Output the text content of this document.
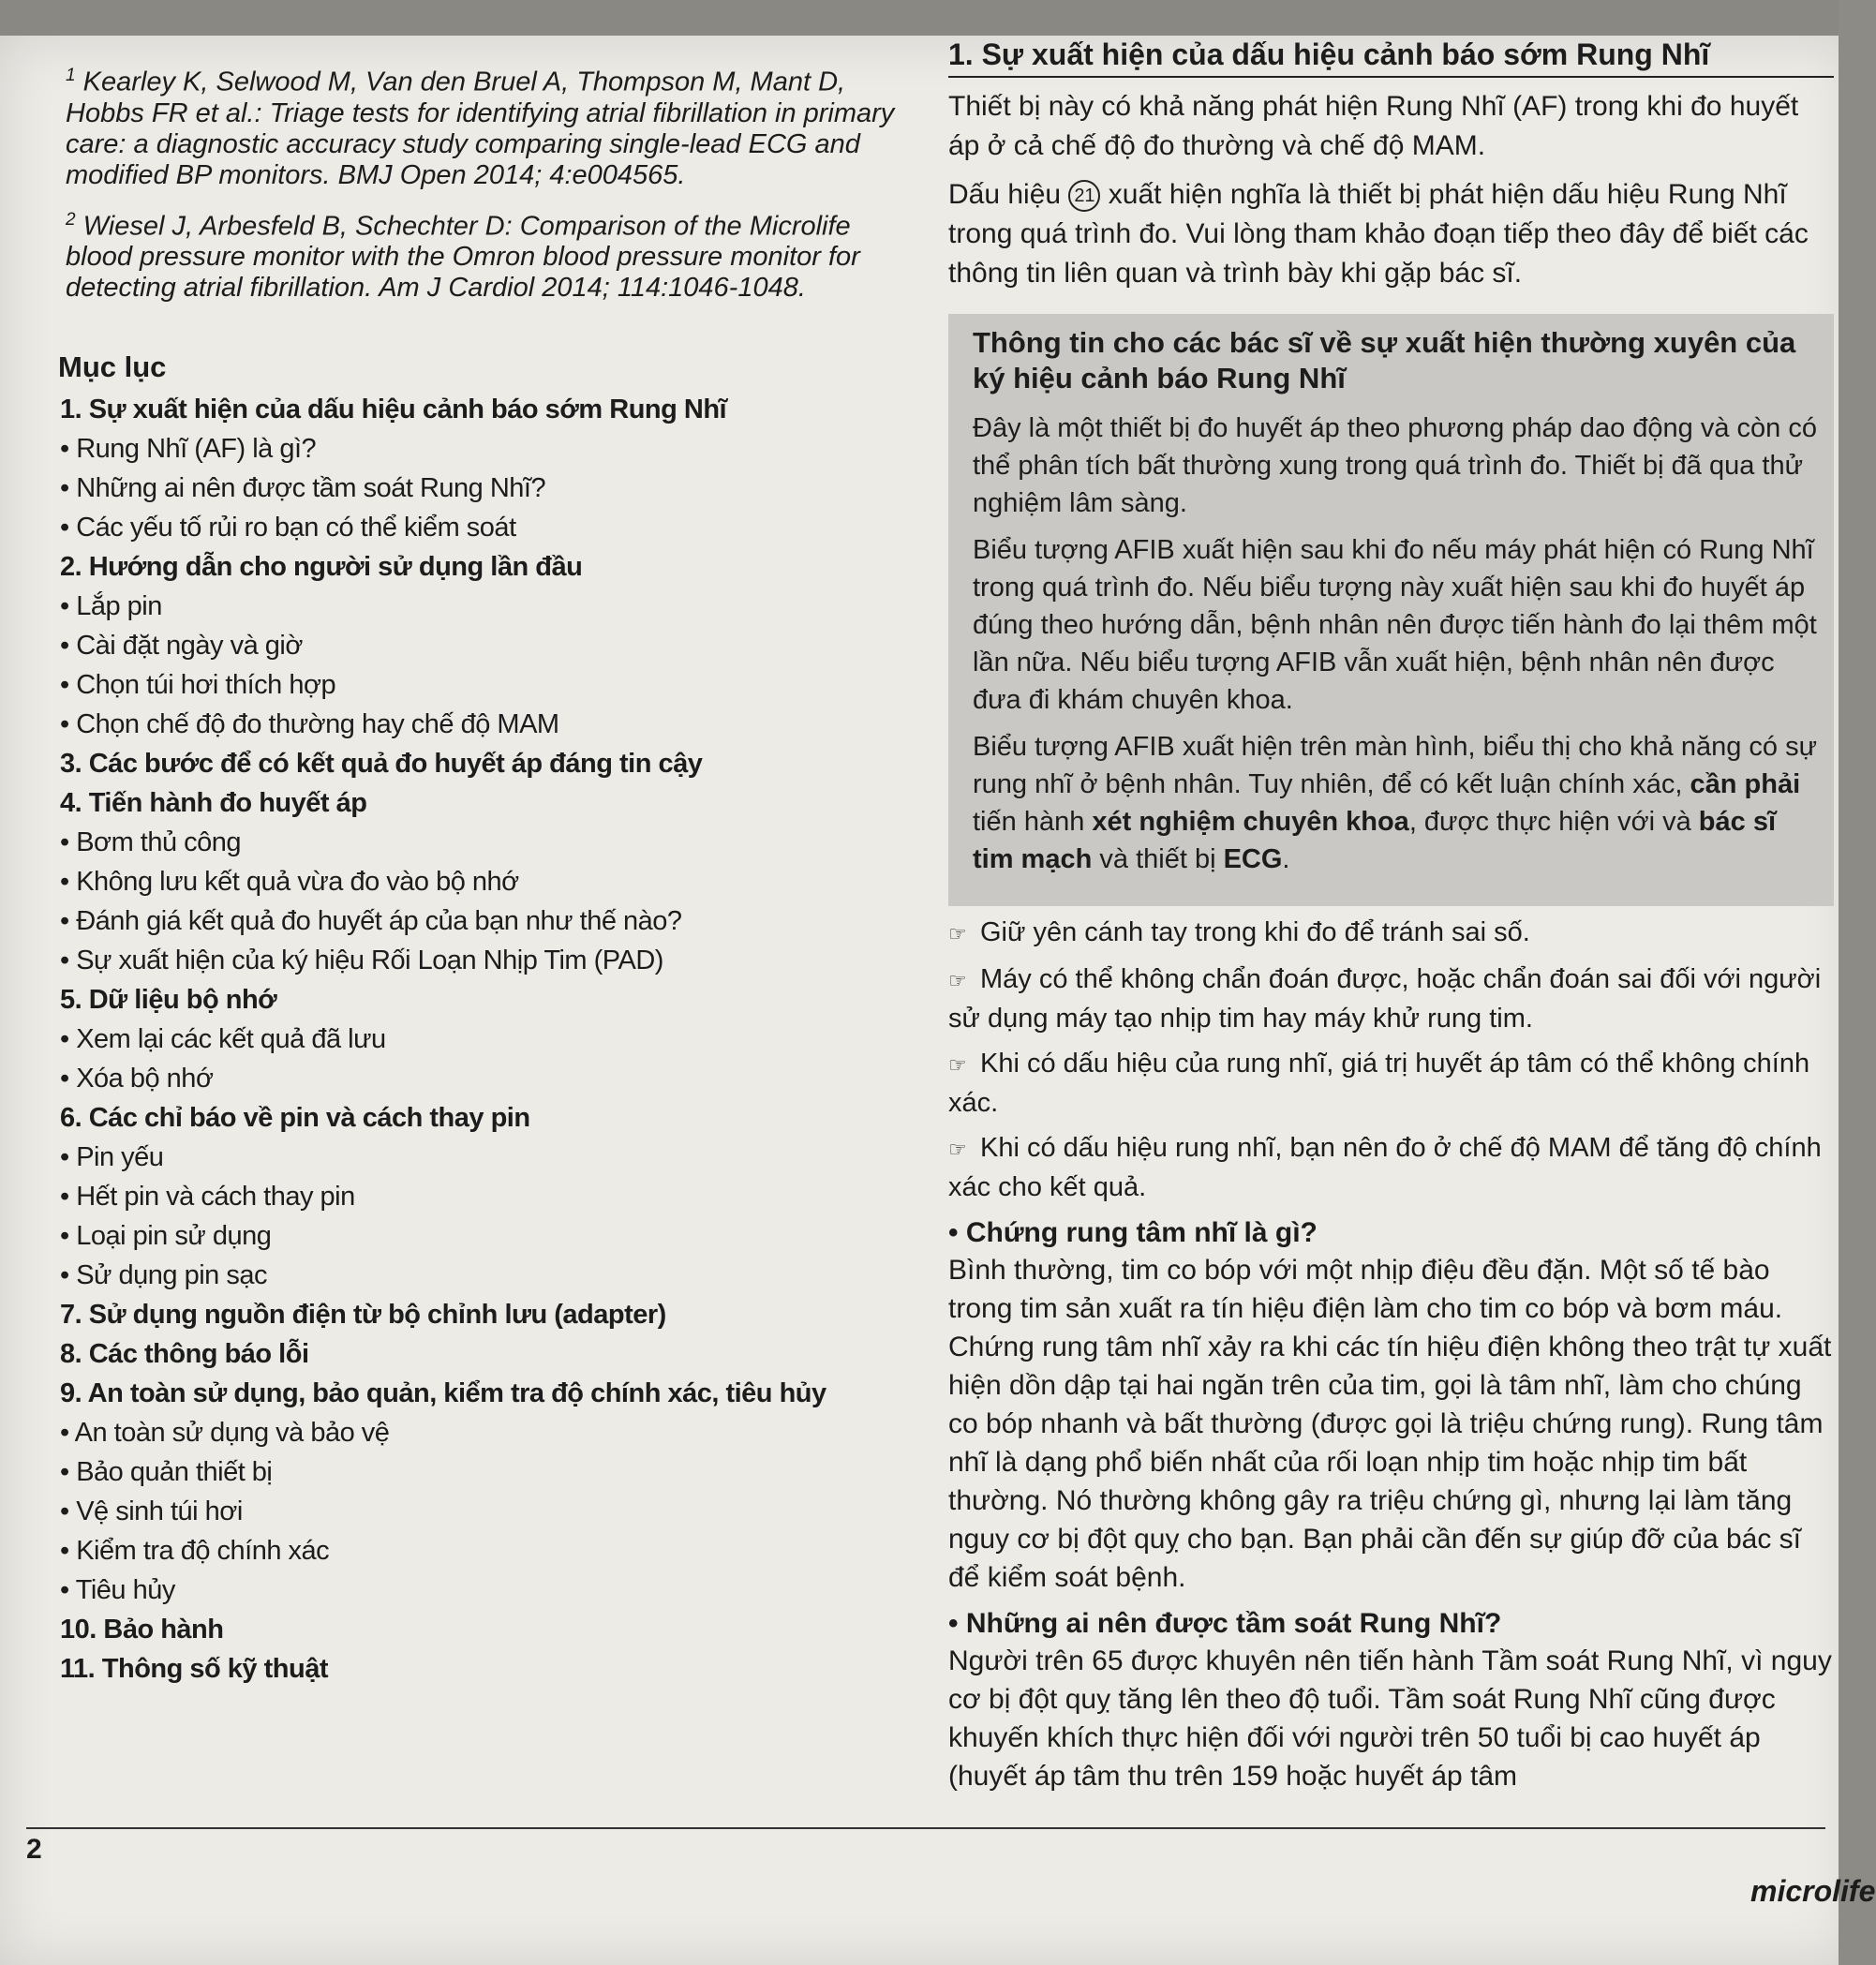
$^1$ Kearley K, Selwood M, Van den Bruel A, Thompson M, Mant D, Hobbs FR et al.: Triage tests for identifying atrial fibrillation in primary care: a diagnostic accuracy study comparing single-lead ECG and modified BP monitors. BMJ Open 2014; 4:e004565.

$^2$ Wiesel J, Arbesfeld B, Schechter D: Comparison of the Microlife blood pressure monitor with the Omron blood pressure monitor for detecting atrial fibrillation. Am J Cardiol 2014; 114:1046-1048.

Mục lục
1. Sự xuất hiện của dấu hiệu cảnh báo sớm Rung Nhĩ
• Rung Nhĩ (AF) là gì?
• Những ai nên được tầm soát Rung Nhĩ?
• Các yếu tố rủi ro bạn có thể kiểm soát
2. Hướng dẫn cho người sử dụng lần đầu
• Lắp pin
• Cài đặt ngày và giờ
• Chọn túi hơi thích hợp
• Chọn chế độ đo thường hay chế độ MAM
3. Các bước để có kết quả đo huyết áp đáng tin cậy
4. Tiến hành đo huyết áp
• Bơm thủ công
• Không lưu kết quả vừa đo vào bộ nhớ
• Đánh giá kết quả đo huyết áp của bạn như thế nào?
• Sự xuất hiện của ký hiệu Rối Loạn Nhịp Tim (PAD)
5. Dữ liệu bộ nhớ
• Xem lại các kết quả đã lưu
• Xóa bộ nhớ
6. Các chỉ báo về pin và cách thay pin
• Pin yếu
• Hết pin và cách thay pin
• Loại pin sử dụng
• Sử dụng pin sạc
7. Sử dụng nguồn điện từ bộ chỉnh lưu (adapter)
8. Các thông báo lỗi
9. An toàn sử dụng, bảo quản, kiểm tra độ chính xác, tiêu hủy
• An toàn sử dụng và bảo vệ
• Bảo quản thiết bị
• Vệ sinh túi hơi
• Kiểm tra độ chính xác
• Tiêu hủy
10. Bảo hành
11. Thông số kỹ thuật
1. Sự xuất hiện của dấu hiệu cảnh báo sớm Rung Nhĩ

Thiết bị này có khả năng phát hiện Rung Nhĩ (AF) trong khi đo huyết áp ở cả chế độ đo thường và chế độ MAM.

Dấu hiệu 21 xuất hiện nghĩa là thiết bị phát hiện dấu hiệu Rung Nhĩ trong quá trình đo. Vui lòng tham khảo đoạn tiếp theo đây để biết các thông tin liên quan và trình bày khi gặp bác sĩ.

Thông tin cho các bác sĩ về sự xuất hiện thường xuyên của ký hiệu cảnh báo Rung Nhĩ

Đây là một thiết bị đo huyết áp theo phương pháp dao động và còn có thể phân tích bất thường xung trong quá trình đo. Thiết bị đã qua thử nghiệm lâm sàng.

Biểu tượng AFIB xuất hiện sau khi đo nếu máy phát hiện có Rung Nhĩ trong quá trình đo. Nếu biểu tượng này xuất hiện sau khi đo huyết áp đúng theo hướng dẫn, bệnh nhân nên được tiến hành đo lại thêm một lần nữa. Nếu biểu tượng AFIB vẫn xuất hiện, bệnh nhân nên được đưa đi khám chuyên khoa.

Biểu tượng AFIB xuất hiện trên màn hình, biểu thị cho khả năng có sự rung nhĩ ở bệnh nhân. Tuy nhiên, để có kết luận chính xác, cần phải tiến hành xét nghiệm chuyên khoa, được thực hiện với và bác sĩ tim mạch và thiết bị ECG.

☞ Giữ yên cánh tay trong khi đo để tránh sai số.

☞ Máy có thể không chẩn đoán được, hoặc chẩn đoán sai đối với người sử dụng máy tạo nhịp tim hay máy khử rung tim.

☞ Khi có dấu hiệu của rung nhĩ, giá trị huyết áp tâm có thể không chính xác.

☞ Khi có dấu hiệu rung nhĩ, bạn nên đo ở chế độ MAM để tăng độ chính xác cho kết quả.

• Chứng rung tâm nhĩ là gì?

Bình thường, tim co bóp với một nhịp điệu đều đặn. Một số tế bào trong tim sản xuất ra tín hiệu điện làm cho tim co bóp và bơm máu. Chứng rung tâm nhĩ xảy ra khi các tín hiệu điện không theo trật tự xuất hiện dồn dập tại hai ngăn trên của tim, gọi là tâm nhĩ, làm cho chúng co bóp nhanh và bất thường (được gọi là triệu chứng rung). Rung tâm nhĩ là dạng phổ biến nhất của rối loạn nhịp tim hoặc nhịp tim bất thường. Nó thường không gây ra triệu chứng gì, nhưng lại làm tăng nguy cơ bị đột quỵ cho bạn. Bạn phải cần đến sự giúp đỡ của bác sĩ để kiểm soát bệnh.

• Những ai nên được tầm soát Rung Nhĩ?

Người trên 65 được khuyên nên tiến hành Tầm soát Rung Nhĩ, vì nguy cơ bị đột quỵ tăng lên theo độ tuổi. Tầm soát Rung Nhĩ cũng được khuyến khích thực hiện đối với người trên 50 tuổi bị cao huyết áp (huyết áp tâm thu trên 159 hoặc huyết áp tâm

2
microlife
